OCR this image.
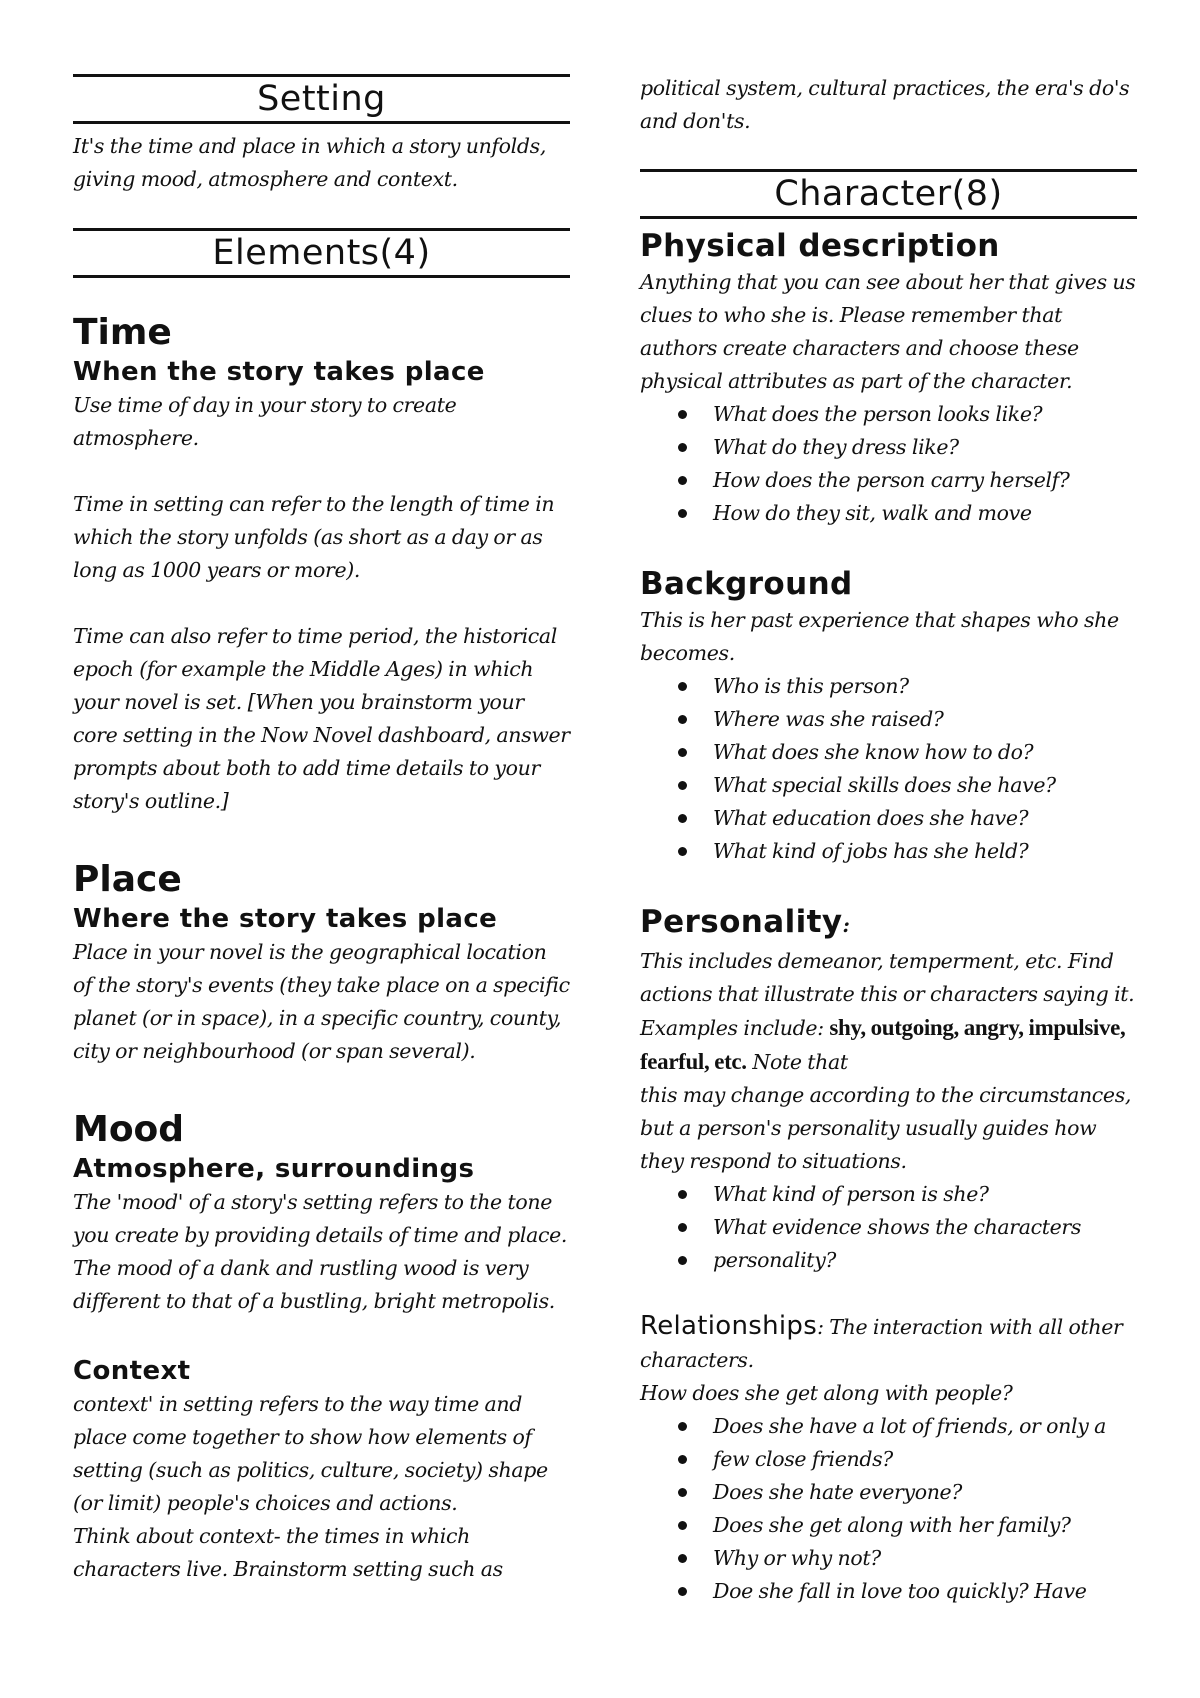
Setting

It's the time and place in which a story unfolds, giving mood, atmosphere and context.

Elements(4)
Time
When the story takes place

Use time of day in your story to create atmosphere.

Time in setting can refer to the length of time in which the story unfolds (as short as a day or as long as 1000 years or more).

Time can also refer to time period, the historical epoch (for example the Middle Ages) in which your novel is set. [When you brainstorm your core setting in the Now Novel dashboard, answer prompts about both to add time details to your story's outline.]

Place
Where the story takes place

Place in your novel is the geographical location of the story's events (they take place on a specific planet (or in space), in a specific country, county, city or neighbourhood (or span several).

Mood
Atmosphere, surroundings

The 'mood' of a story's setting refers to the tone you create by providing details of time and place. The mood of a dank and rustling wood is very different to that of a bustling, bright metropolis.

Context

context' in setting refers to the way time and place come together to show how elements of setting (such as politics, culture, society) shape (or limit) people's choices and actions.

Think about context- the times in which characters live. Brainstorm setting such as

political system, cultural practices, the era's do's and don'ts.

Character(8)
Physical description

Anything that you can see about her that gives us clues to who she is. Please remember that authors create characters and choose these physical attributes as part of the character.

What does the person looks like?
What do they dress like?
How does the person carry herself?
How do they sit, walk and move
Background

This is her past experience that shapes who she becomes.

Who is this person?
Where was she raised?
What does she know how to do?
What special skills does she have?
What education does she have?
What kind of jobs has she held?
Personality:

This includes demeanor, temperment, etc. Find actions that illustrate this or characters saying it. Examples include: shy, outgoing, angry, impulsive, fearful, etc. Note that

this may change according to the circumstances, but a person's personality usually guides how they respond to situations.

What kind of person is she?
What evidence shows the characters
personality?

Relationships: The interaction with all other characters.

How does she get along with people?

Does she have a lot of friends, or only a
few close friends?
Does she hate everyone?
Does she get along with her family?
Why or why not?
Doe she fall in love too quickly? Have
